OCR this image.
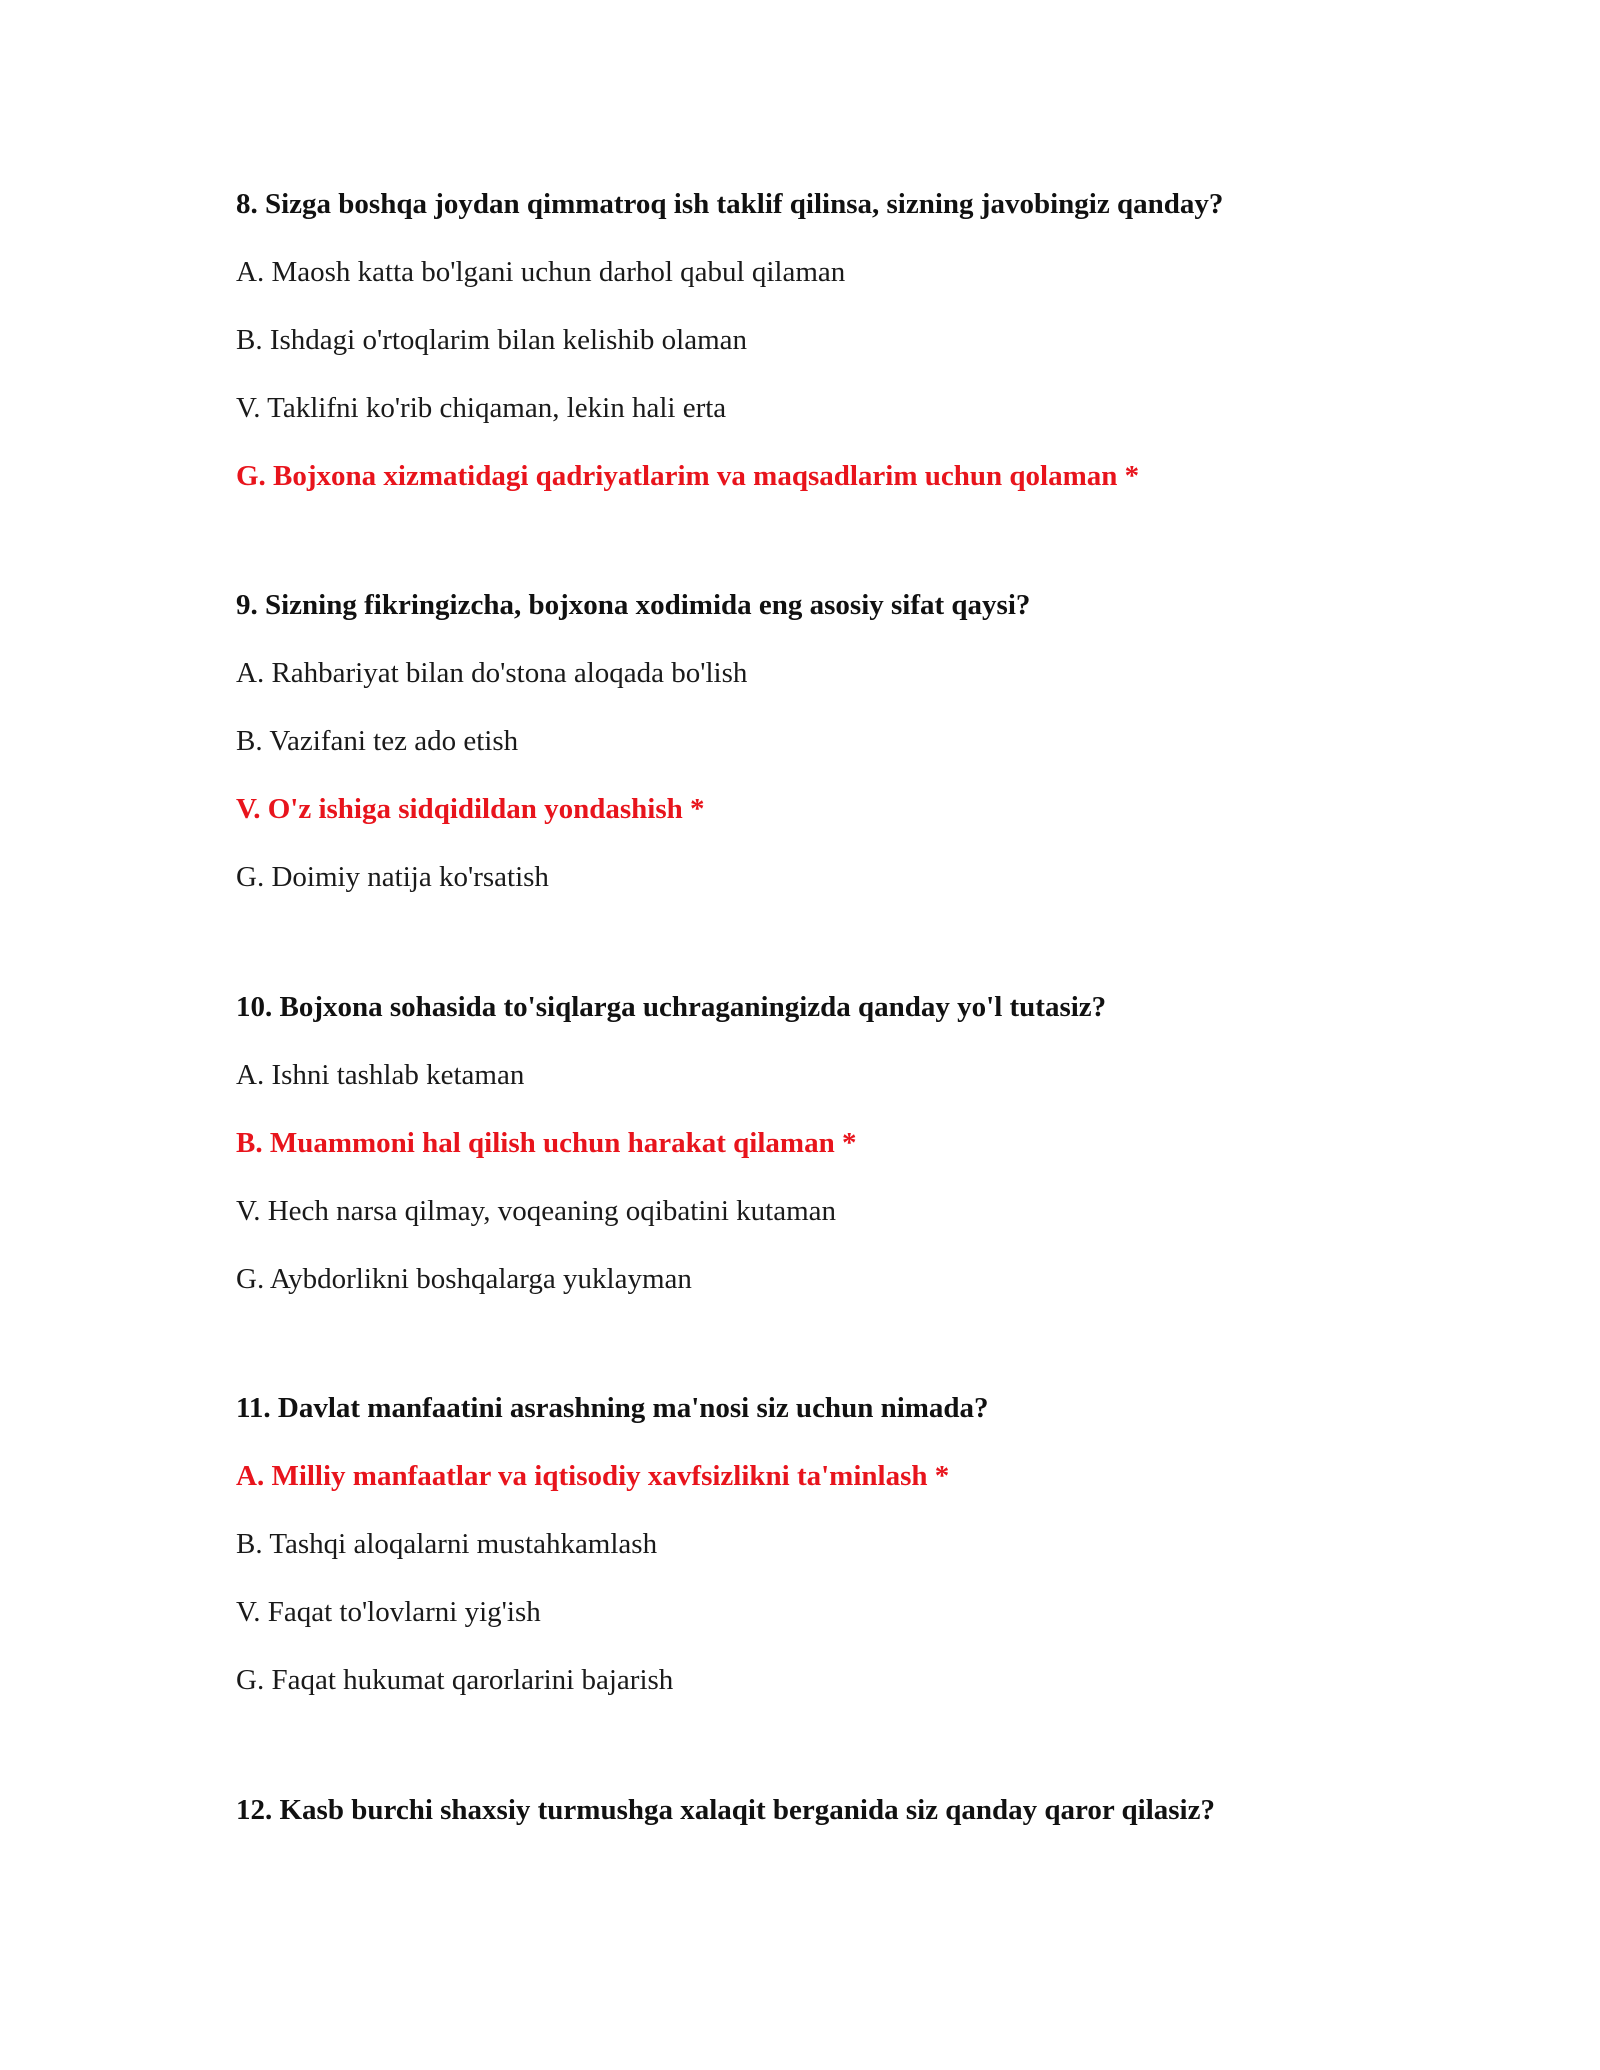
8. Sizga boshqa joydan qimmatroq ish taklif qilinsa, sizning javobingiz qanday?

A. Maosh katta bo'lgani uchun darhol qabul qilaman

B. Ishdagi o'rtoqlarim bilan kelishib olaman

V. Taklifni ko'rib chiqaman, lekin hali erta

G. Bojxona xizmatidagi qadriyatlarim va maqsadlarim uchun qolaman *

9. Sizning fikringizcha, bojxona xodimida eng asosiy sifat qaysi?

A. Rahbariyat bilan do'stona aloqada bo'lish

B. Vazifani tez ado etish

V. O'z ishiga sidqidildan yondashish *

G. Doimiy natija ko'rsatish

10. Bojxona sohasida to'siqlarga uchraganingizda qanday yo'l tutasiz?

A. Ishni tashlab ketaman

B. Muammoni hal qilish uchun harakat qilaman *

V. Hech narsa qilmay, voqeaning oqibatini kutaman

G. Aybdorlikni boshqalarga yuklayman

11. Davlat manfaatini asrashning ma'nosi siz uchun nimada?

A. Milliy manfaatlar va iqtisodiy xavfsizlikni ta'minlash *

B. Tashqi aloqalarni mustahkamlash

V. Faqat to'lovlarni yig'ish

G. Faqat hukumat qarorlarini bajarish

12. Kasb burchi shaxsiy turmushga xalaqit berganida siz qanday qaror qilasiz?
